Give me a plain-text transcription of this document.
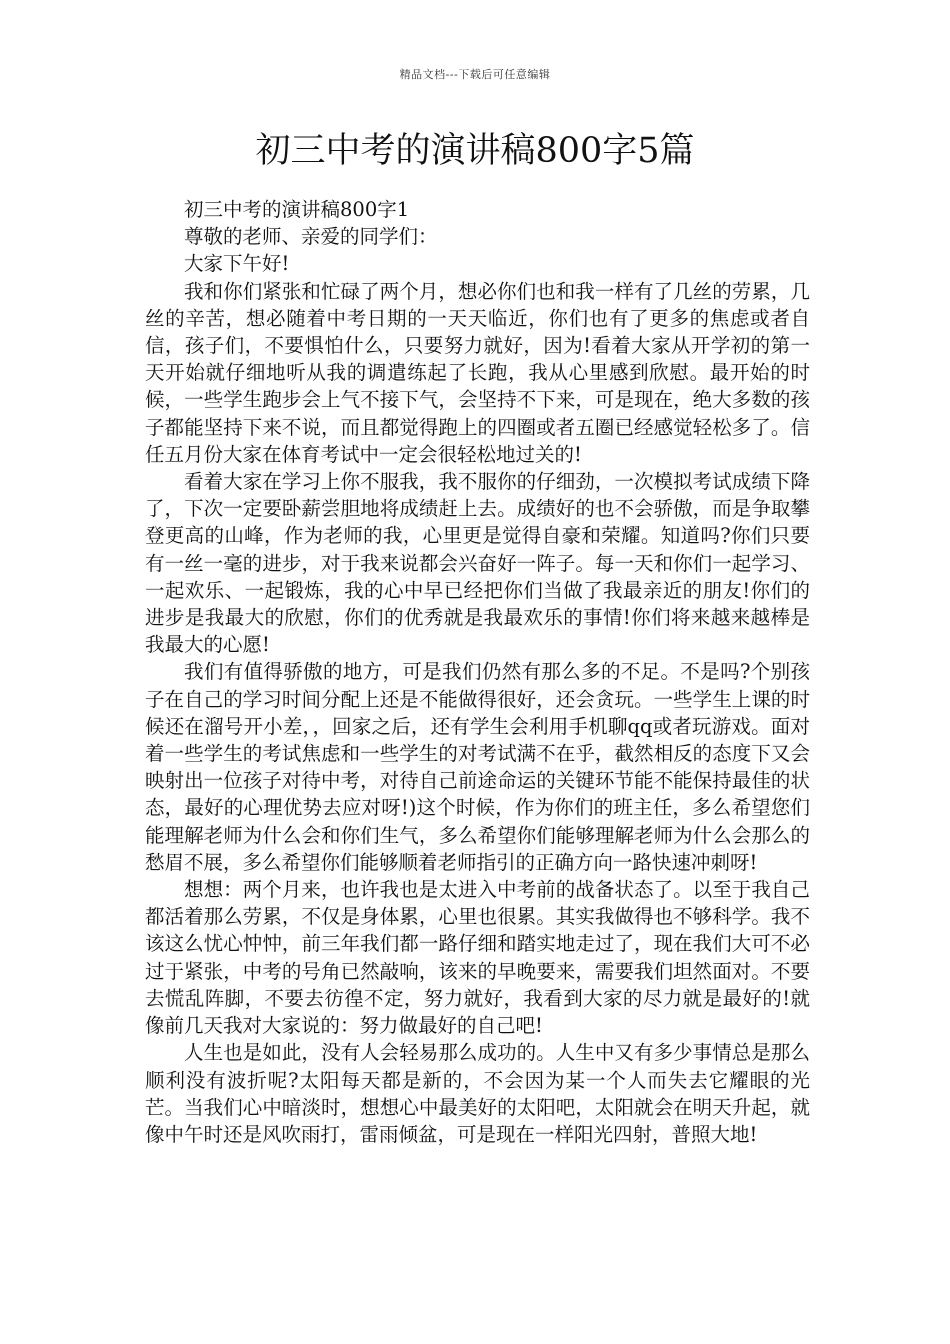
精品文档---下载后可任意编辑
初三中考的演讲稿800字5篇

初三中考的演讲稿800字1

尊敬的老师、亲爱的同学们：

大家下午好!

我和你们紧张和忙碌了两个月，想必你们也和我一样有了几丝的劳累，几丝的辛苦，想必随着中考日期的一天天临近，你们也有了更多的焦虑或者自信，孩子们，不要惧怕什么，只要努力就好，因为!看着大家从开学初的第一天开始就仔细地听从我的调遣练起了长跑，我从心里感到欣慰。最开始的时候，一些学生跑步会上气不接下气，会坚持不下来，可是现在，绝大多数的孩子都能坚持下来不说，而且都觉得跑上的四圈或者五圈已经感觉轻松多了。信任五月份大家在体育考试中一定会很轻松地过关的!

看着大家在学习上你不服我，我不服你的仔细劲，一次模拟考试成绩下降了，下次一定要卧薪尝胆地将成绩赶上去。成绩好的也不会骄傲，而是争取攀登更高的山峰，作为老师的我，心里更是觉得自豪和荣耀。知道吗?你们只要有一丝一毫的进步，对于我来说都会兴奋好一阵子。每一天和你们一起学习、一起欢乐、一起锻炼，我的心中早已经把你们当做了我最亲近的朋友!你们的进步是我最大的欣慰，你们的优秀就是我最欢乐的事情!你们将来越来越棒是我最大的心愿!

我们有值得骄傲的地方，可是我们仍然有那么多的不足。不是吗?个别孩子在自己的学习时间分配上还是不能做得很好，还会贪玩。一些学生上课的时候还在溜号开小差，，回家之后，还有学生会利用手机聊qq或者玩游戏。面对着一些学生的考试焦虑和一些学生的对考试满不在乎，截然相反的态度下又会映射出一位孩子对待中考，对待自己前途命运的关键环节能不能保持最佳的状态，最好的心理优势去应对呀!)这个时候，作为你们的班主任，多么希望您们能理解老师为什么会和你们生气，多么希望你们能够理解老师为什么会那么的愁眉不展，多么希望你们能够顺着老师指引的正确方向一路快速冲刺呀!

想想：两个月来，也许我也是太进入中考前的战备状态了。以至于我自己都活着那么劳累，不仅是身体累，心里也很累。其实我做得也不够科学。我不该这么忧心忡忡，前三年我们都一路仔细和踏实地走过了，现在我们大可不必过于紧张，中考的号角已然敲响，该来的早晚要来，需要我们坦然面对。不要去慌乱阵脚，不要去彷徨不定，努力就好，我看到大家的尽力就是最好的!就像前几天我对大家说的：努力做最好的自己吧!

人生也是如此，没有人会轻易那么成功的。人生中又有多少事情总是那么顺利没有波折呢?太阳每天都是新的，不会因为某一个人而失去它耀眼的光芒。当我们心中暗淡时，想想心中最美好的太阳吧，太阳就会在明天升起，就像中午时还是风吹雨打，雷雨倾盆，可是现在一样阳光四射，普照大地!
